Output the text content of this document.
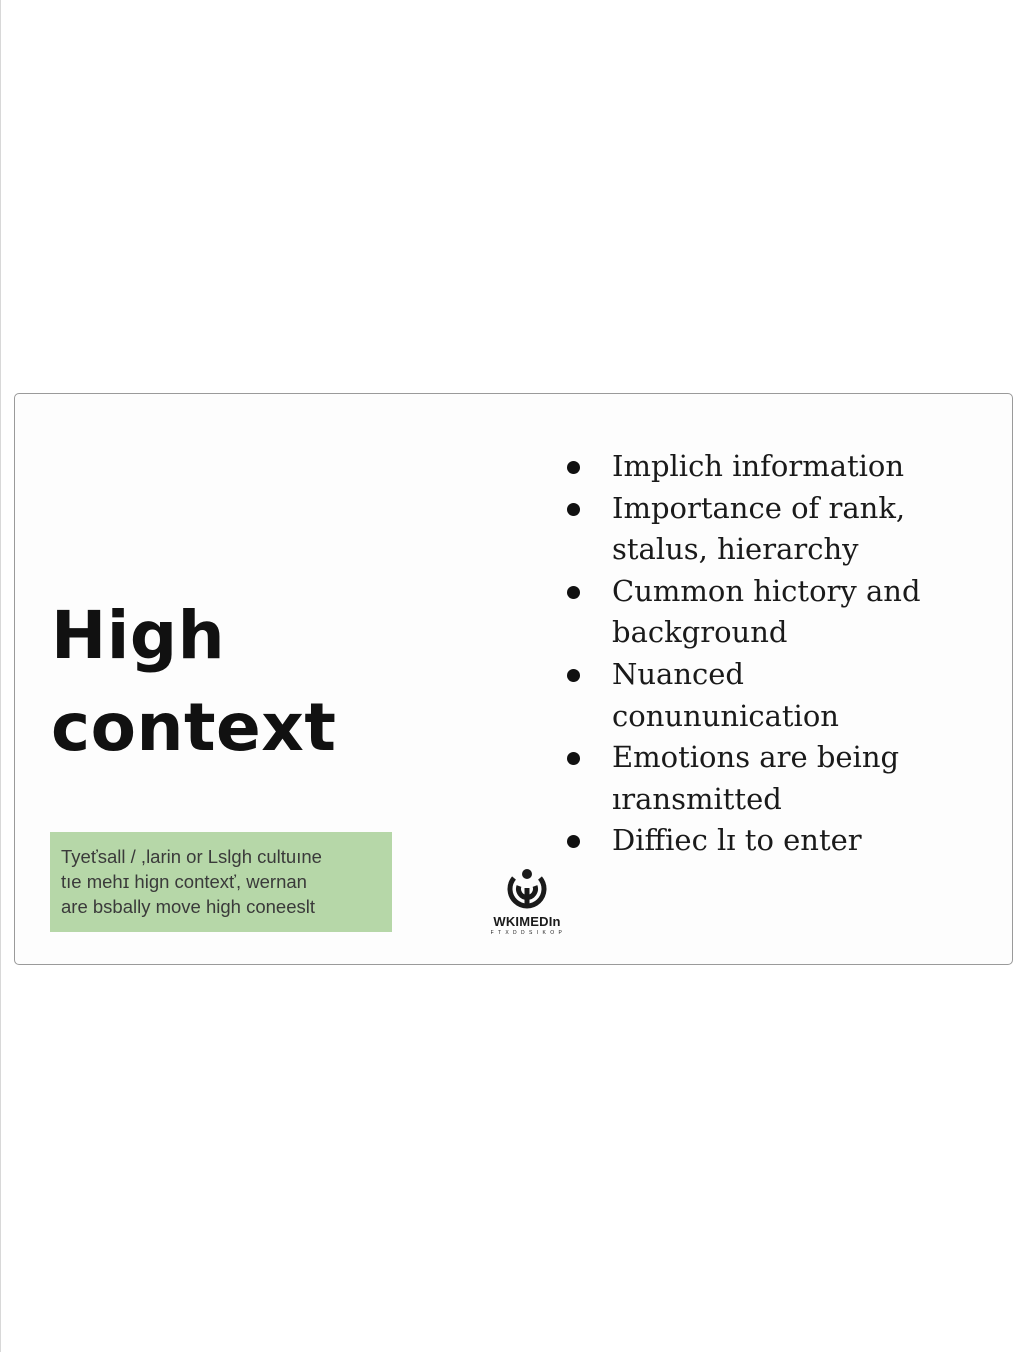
High
context
Tyeťsall / ,larin or Lslgh cultuıne
tıe mehɪ hign contexť, wernan
are bsbally move high coneeslt
Implich information
Importance of rank,
stalus, hierarchy
Cummon hictory and
background
Nuanced
conununication
Emotions are being
ıransmitted
Diffiec lɪ to enter
WKIMEDIn
F T X D D S I K O P
